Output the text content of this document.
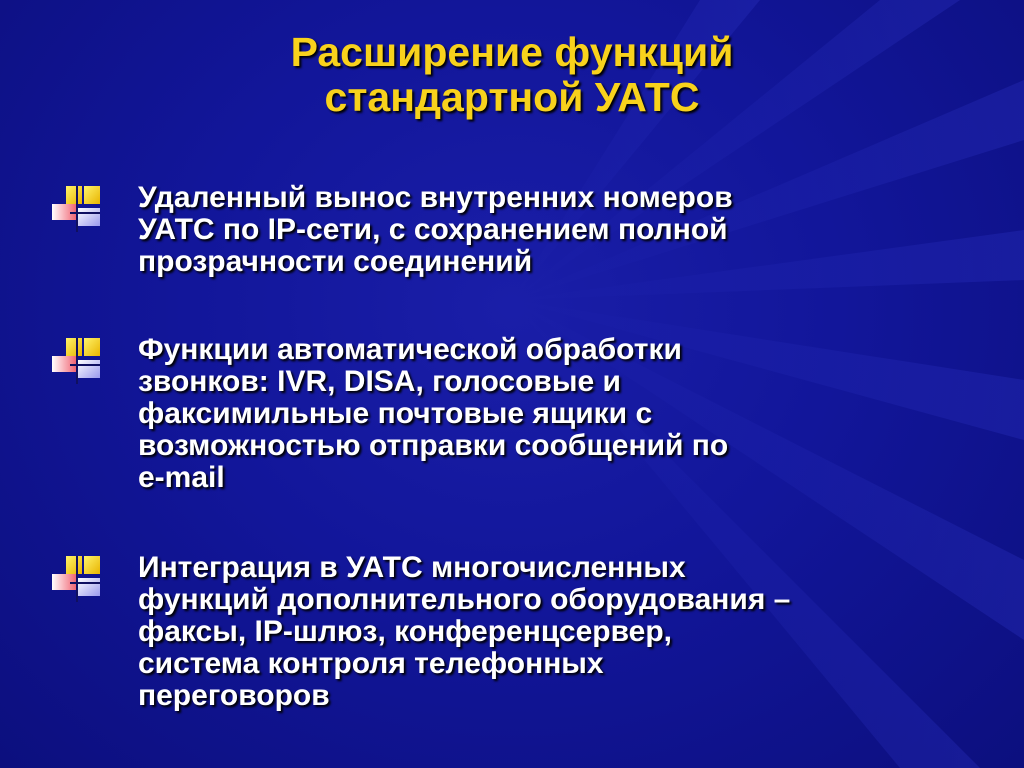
Расширение функций
стандартной УАТС
Удаленный вынос внутренних номеров
УАТС по IP-сети, с сохранением полной
прозрачности соединений
Функции автоматической обработки
звонков: IVR, DISA, голосовые и
факсимильные почтовые ящики с
возможностью отправки сообщений по
e-mail
Интеграция в УАТС многочисленных
функций дополнительного оборудования –
факсы, IP-шлюз, конференцсервер,
система контроля телефонных
переговоров
